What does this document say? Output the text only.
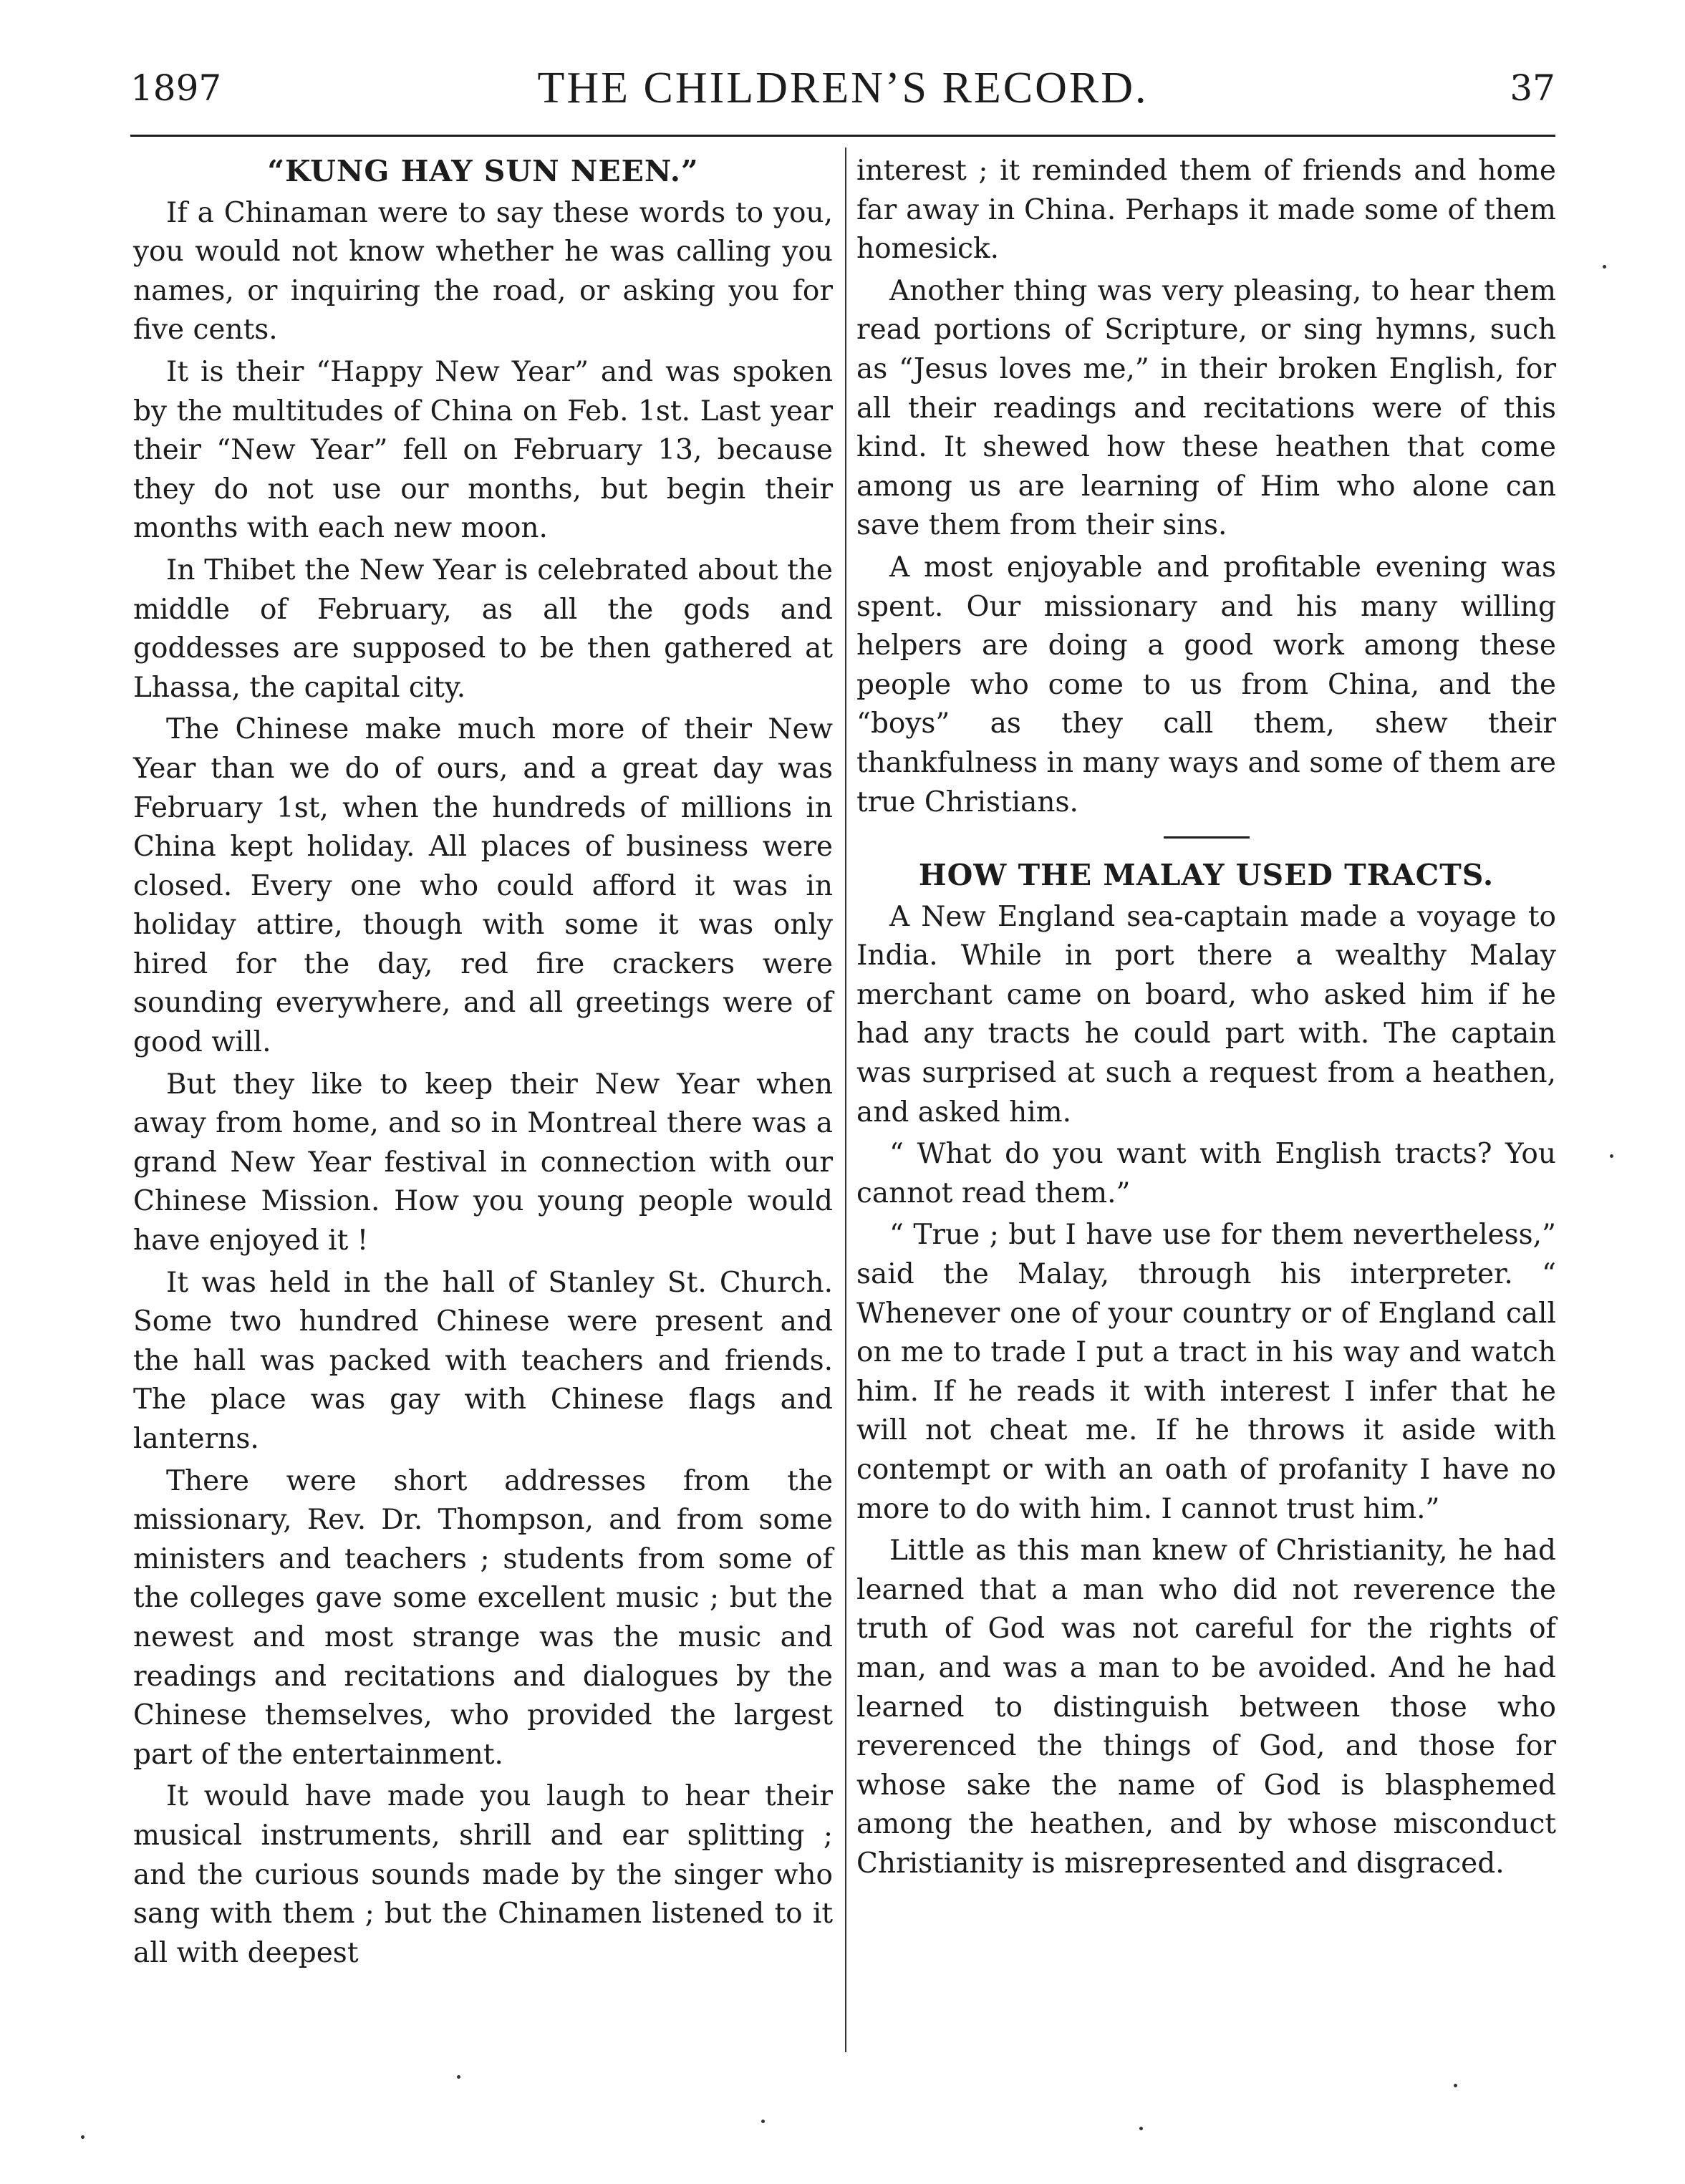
1897	THE CHILDREN’S RECORD.	37
“KUNG HAY SUN NEEN.”

If a Chinaman were to say these words to you, you would not know whether he was calling you names, or inquiring the road, or asking you for five cents.

It is their “Happy New Year” and was spoken by the multitudes of China on Feb. 1st. Last year their “New Year” fell on February 13, because they do not use our months, but begin their months with each new moon.

In Thibet the New Year is celebrated about the middle of February, as all the gods and goddesses are supposed to be then gathered at Lhassa, the capital city.

The Chinese make much more of their New Year than we do of ours, and a great day was February 1st, when the hundreds of millions in China kept holiday. All places of business were closed. Every one who could afford it was in holiday attire, though with some it was only hired for the day, red fire crackers were sounding everywhere, and all greetings were of good will.

But they like to keep their New Year when away from home, and so in Montreal there was a grand New Year festival in connection with our Chinese Mission. How you young people would have enjoyed it !

It was held in the hall of Stanley St. Church. Some two hundred Chinese were present and the hall was packed with teachers and friends. The place was gay with Chinese flags and lanterns.

There were short addresses from the missionary, Rev. Dr. Thompson, and from some ministers and teachers ; students from some of the colleges gave some excellent music ; but the newest and most strange was the music and readings and recitations and dialogues by the Chinese themselves, who provided the largest part of the entertainment.

It would have made you laugh to hear their musical instruments, shrill and ear splitting ; and the curious sounds made by the singer who sang with them ; but the Chinamen listened to it all with deepest

interest ; it reminded them of friends and home far away in China. Perhaps it made some of them homesick.

Another thing was very pleasing, to hear them read portions of Scripture, or sing hymns, such as “Jesus loves me,” in their broken English, for all their readings and recitations were of this kind. It shewed how these heathen that come among us are learning of Him who alone can save them from their sins.

A most enjoyable and profitable evening was spent. Our missionary and his many willing helpers are doing a good work among these people who come to us from China, and the “boys” as they call them, shew their thankfulness in many ways and some of them are true Christians.

HOW THE MALAY USED TRACTS.

A New England sea-captain made a voyage to India. While in port there a wealthy Malay merchant came on board, who asked him if he had any tracts he could part with. The captain was surprised at such a request from a heathen, and asked him.

“ What do you want with English tracts? You cannot read them.”

“ True ; but I have use for them nevertheless,” said the Malay, through his interpreter. “ Whenever one of your country or of England call on me to trade I put a tract in his way and watch him. If he reads it with interest I infer that he will not cheat me. If he throws it aside with contempt or with an oath of profanity I have no more to do with him. I cannot trust him.”

Little as this man knew of Christianity, he had learned that a man who did not reverence the truth of God was not careful for the rights of man, and was a man to be avoided. And he had learned to distinguish between those who reverenced the things of God, and those for whose sake the name of God is blasphemed among the heathen, and by whose misconduct Christianity is misrepresented and disgraced.
